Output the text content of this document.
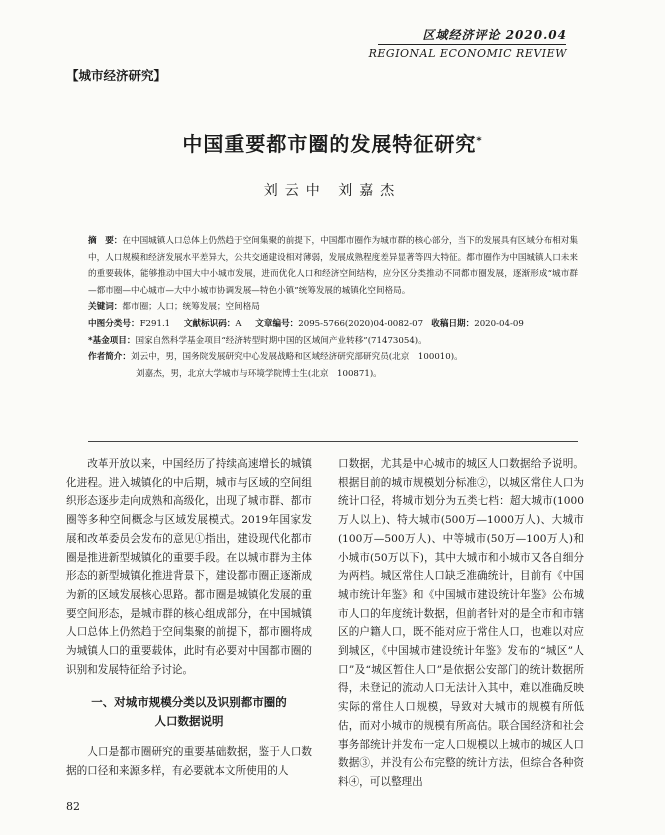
区域经济评论 2020.04
REGIONAL ECONOMIC REVIEW
【城市经济研究】
中国重要都市圈的发展特征研究*
刘云中 刘嘉杰

摘　要：在中国城镇人口总体上仍然趋于空间集聚的前提下，中国都市圈作为城市群的核心部分，当下的发展具有区域分布相对集中，人口规模和经济发展水平差异大，公共交通建设相对薄弱，发展成熟程度差异显著等四大特征。都市圈作为中国城镇人口未来的重要载体，能够推动中国大中小城市发展，进而优化人口和经济空间结构，应分区分类推动不同都市圈发展，逐渐形成“城市群—都市圈—中心城市—大中小城市协调发展—特色小镇”统筹发展的城镇化空间格局。

关键词：都市圈；人口；统筹发展；空间格局

中图分类号：F291.1 文献标识码：A 文章编号：2095-5766(2020)04-0082-07 收稿日期：2020-04-09

*基金项目：国家自然科学基金项目“经济转型时期中国的区域间产业转移”(71473054)。

作者简介：刘云中，男，国务院发展研究中心发展战略和区域经济研究部研究员(北京　100010)。

刘嘉杰，男，北京大学城市与环境学院博士生(北京　100871)。

改革开放以来，中国经历了持续高速增长的城镇化进程。进入城镇化的中后期，城市与区域的空间组织形态逐步走向成熟和高级化，出现了城市群、都市圈等多种空间概念与区域发展模式。2019年国家发展和改革委员会发布的意见①指出，建设现代化都市圈是推进新型城镇化的重要手段。在以城市群为主体形态的新型城镇化推进背景下，建设都市圈正逐渐成为新的区域发展核心思路。都市圈是城镇化发展的重要空间形态，是城市群的核心组成部分，在中国城镇人口总体上仍然趋于空间集聚的前提下，都市圈将成为城镇人口的重要载体，此时有必要对中国都市圈的识别和发展特征给予讨论。

一、对城市规模分类以及识别都市圈的
人口数据说明

人口是都市圈研究的重要基础数据，鉴于人口数据的口径和来源多样，有必要就本文所使用的人

口数据，尤其是中心城市的城区人口数据给予说明。根据目前的城市规模划分标准②，以城区常住人口为统计口径，将城市划分为五类七档：超大城市(1000万人以上)、特大城市(500万—1000万人)、大城市(100万—500万人)、中等城市(50万—100万人)和小城市(50万以下)，其中大城市和小城市又各自细分为两档。城区常住人口缺乏准确统计，目前有《中国城市统计年鉴》和《中国城市建设统计年鉴》公布城市人口的年度统计数据，但前者针对的是全市和市辖区的户籍人口，既不能对应于常住人口，也难以对应到城区，《中国城市建设统计年鉴》发布的“城区”人口”及“城区暂住人口”是依据公安部门的统计数据所得，未登记的流动人口无法计入其中，难以准确反映实际的常住人口规模，导致对大城市的规模有所低估，而对小城市的规模有所高估。联合国经济和社会事务部统计并发布一定人口规模以上城市的城区人口数据③，并没有公布完整的统计方法，但综合各种资料④，可以整理出

82
